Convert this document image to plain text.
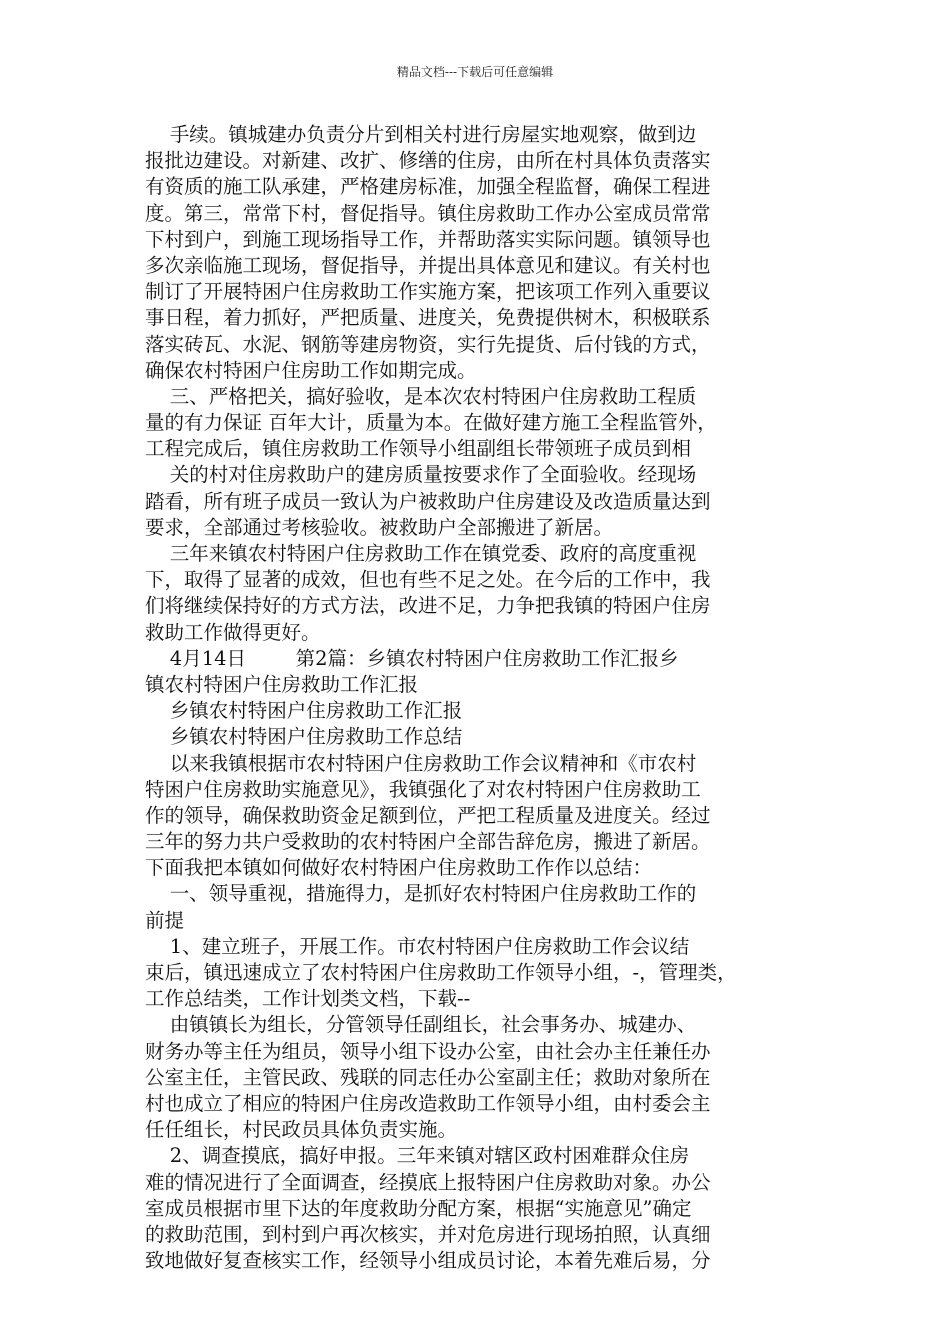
精品文档---下载后可任意编辑
手续。镇城建办负责分片到相关村进行房屋实地观察，做到边
报批边建设。对新建、改扩、修缮的住房，由所在村具体负责落实
有资质的施工队承建，严格建房标准，加强全程监督，确保工程进
度。第三，常常下村，督促指导。镇住房救助工作办公室成员常常
下村到户，到施工现场指导工作，并帮助落实实际问题。镇领导也
多次亲临施工现场，督促指导，并提出具体意见和建议。有关村也
制订了开展特困户住房救助工作实施方案，把该项工作列入重要议
事日程，着力抓好，严把质量、进度关，免费提供树木，积极联系
落实砖瓦、水泥、钢筋等建房物资，实行先提货、后付钱的方式，
确保农村特困户住房助工作如期完成。
三、严格把关，搞好验收，是本次农村特困户住房救助工程质
量的有力保证 百年大计，质量为本。在做好建方施工全程监管外，
工程完成后，镇住房救助工作领导小组副组长带领班子成员到相
关的村对住房救助户的建房质量按要求作了全面验收。经现场
踏看，所有班子成员一致认为户被救助户住房建设及改造质量达到
要求，全部通过考核验收。被救助户全部搬进了新居。
三年来镇农村特困户住房救助工作在镇党委、政府的高度重视
下，取得了显著的成效，但也有些不足之处。在今后的工作中，我
们将继续保持好的方式方法，改进不足，力争把我镇的特困户住房
救助工作做得更好。
4月14日        第2篇：乡镇农村特困户住房救助工作汇报乡
镇农村特困户住房救助工作汇报
乡镇农村特困户住房救助工作汇报
乡镇农村特困户住房救助工作总结
以来我镇根据市农村特困户住房救助工作会议精神和《市农村
特困户住房救助实施意见》，我镇强化了对农村特困户住房救助工
作的领导，确保救助资金足额到位，严把工程质量及进度关。经过
三年的努力共户受救助的农村特困户全部告辞危房，搬进了新居。
下面我把本镇如何做好农村特困户住房救助工作作以总结：
一、领导重视，措施得力，是抓好农村特困户住房救助工作的
前提
1、建立班子，开展工作。市农村特困户住房救助工作会议结
束后，镇迅速成立了农村特困户住房救助工作领导小组，-，管理类，
工作总结类，工作计划类文档，下载--
由镇镇长为组长，分管领导任副组长，社会事务办、城建办、
财务办等主任为组员，领导小组下设办公室，由社会办主任兼任办
公室主任，主管民政、残联的同志任办公室副主任；救助对象所在
村也成立了相应的特困户住房改造救助工作领导小组，由村委会主
任任组长，村民政员具体负责实施。
2、调查摸底，搞好申报。三年来镇对辖区政村困难群众住房
难的情况进行了全面调查，经摸底上报特困户住房救助对象。办公
室成员根据市里下达的年度救助分配方案，根据“实施意见”确定
的救助范围，到村到户再次核实，并对危房进行现场拍照，认真细
致地做好复查核实工作，经领导小组成员讨论，本着先难后易，分
